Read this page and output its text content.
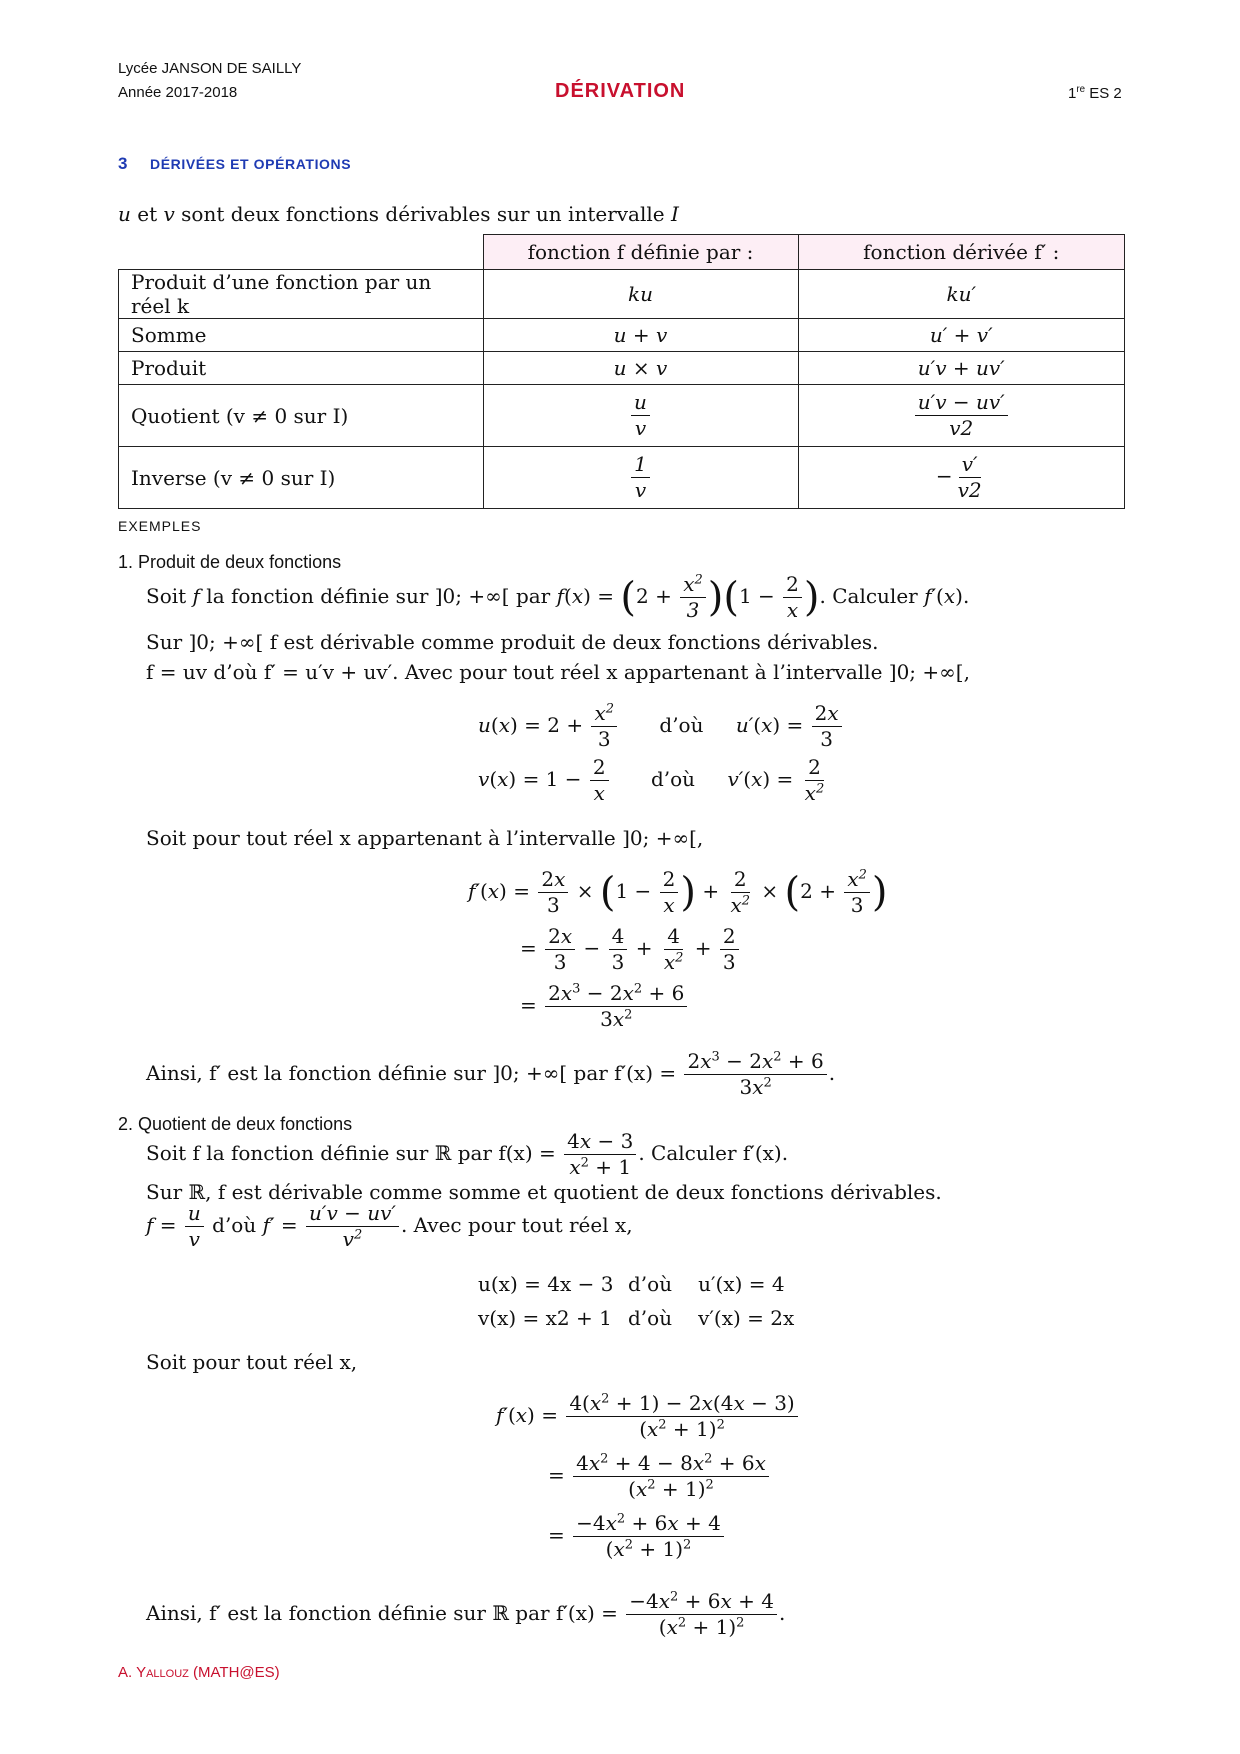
Lycée JANSON DE SAILLY
Année 2017-2018	DÉRIVATION	1re ES 2
3 DÉRIVÉES ET OPÉRATIONS
u et v sont deux fonctions dérivables sur un intervalle I
	fonction f définie par :	fonction dérivée f′ :
Produit d’une fonction par un réel k	ku	ku′
Somme	u + v	u′ + v′
Produit	u × v	u′v + uv′
Quotient (v ≠ 0 sur I)	$\frac{u}{v}$	$\frac{u'v - uv'}{v2}$

Inverse (v ≠ 0 sur I)	$\frac{1}{v}$	− $\frac{v'}{v2}$
EXEMPLES
1. Produit de deux fonctions
Soit f la fonction définie sur ]0; +∞[ par $f(x) = (2 + \frac{x^2}{3} )(1 - \frac{2}{x}$ ). Calculer f′(x).
Sur ]0; +∞[ f est dérivable comme produit de deux fonctions dérivables.
f = uv d’où f′ = u′v + uv′. Avec pour tout réel x appartenant à l’intervalle ]0; +∞[,
$u(x) = 2 + \frac{x^2}{3}$ d’où $u'(x) = \frac{2x}{3}$
$v(x) = 1 - \frac{2}{x}$ d’où $v'(x) = \frac{2}{x^2}$
Soit pour tout réel x appartenant à l’intervalle ]0; +∞[,
$f'(x) = \frac{2x}{3} \times (1 - \frac{2}{x}$ ) + $\frac{2}{x^2} \times (2 + \frac{x^2}{3}$ )
= $\frac{2x}{3} - \frac{4}{3} + \frac{4}{x^2} + \frac{2}{3}$
= $\frac{2x^3 - 2x^2 + 6}{3x^2}$
Ainsi, f′ est la fonction définie sur ]0; +∞[ par $f'(x) = \frac{2x^3 - 2x^2 + 6}{3x^2}$ .
2. Quotient de deux fonctions
Soit f la fonction définie sur ℝ par $f(x) = \frac{4x - 3}{x^2 + 1}$ . Calculer f′(x).
Sur ℝ, f est dérivable comme somme et quotient de deux fonctions dérivables.
$f = \frac{u}{v}$ d’où $f' = \frac{u'v - uv'}{v^2}$ . Avec pour tout réel x,
u(x) = 4x − 3 d’où u′(x) = 4
v(x) = x2 + 1 d’où v′(x) = 2x
Soit pour tout réel x,
$f'(x) = \frac{4(x^2 + 1) - 2x(4x - 3)}{(x^2 + 1)^2}$
= $\frac{4x^2 + 4 - 8x^2 + 6x}{(x^2 + 1)^2}$
= $\frac{-4x^2 + 6x + 4}{(x^2 + 1)^2}$
Ainsi, f′ est la fonction définie sur ℝ par $f'(x) = \frac{-4x^2 + 6x + 4}{(x^2 + 1)^2}$ .
A. Yallouz (MATH@ES)
